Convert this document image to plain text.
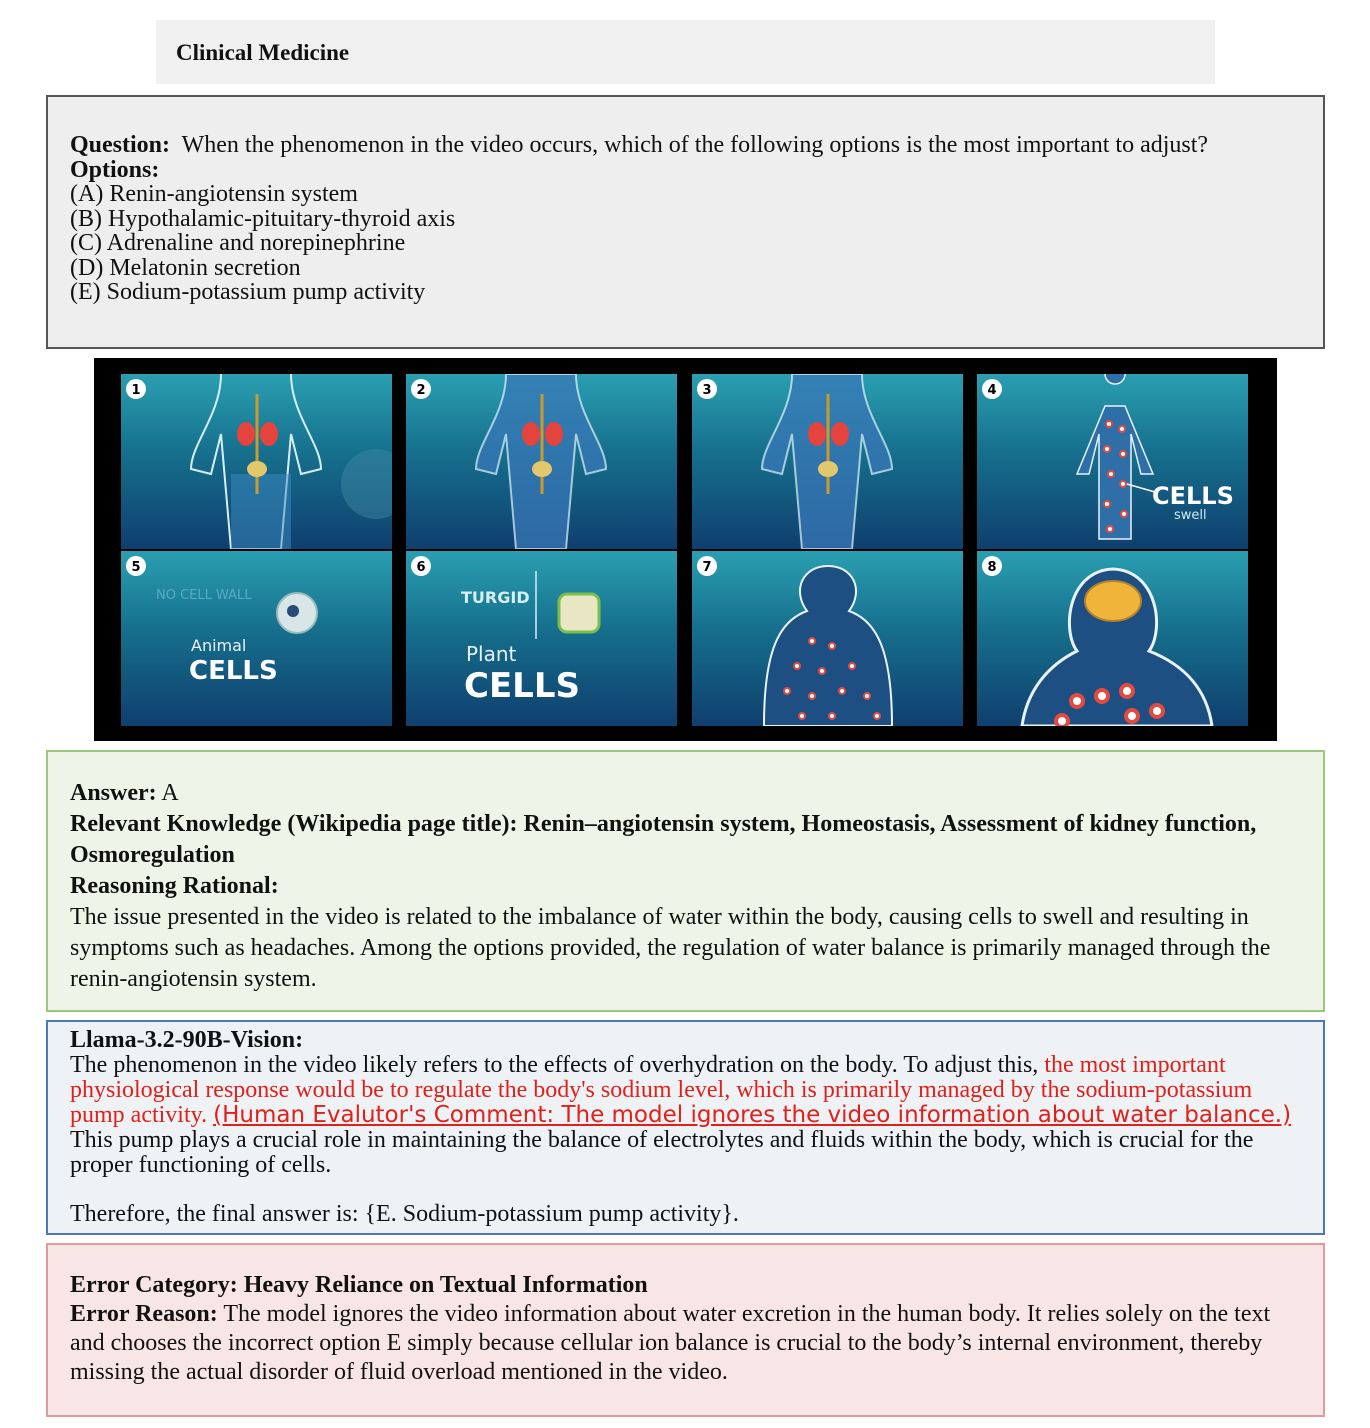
Clinical Medicine

Question: When the phenomenon in the video occurs, which of the following options is the most important to adjust?

Options:

(A) Renin-angiotensin system

(B) Hypothalamic-pituitary-thyroid axis

(C) Adrenaline and norepinephrine

(D) Melatonin secretion

(E) Sodium-potassium pump activity

1	2	3	4
CELLS
swell
5
NO CELL WALL
Animal
CELLS
6
TURGID
Plant
CELLS
7	8

Answer: A

Relevant Knowledge (Wikipedia page title): Renin–angiotensin system, Homeostasis, Assessment of kidney function, Osmoregulation

Reasoning Rational:

The issue presented in the video is related to the imbalance of water within the body, causing cells to swell and resulting in symptoms such as headaches. Among the options provided, the regulation of water balance is primarily managed through the renin-angiotensin system.

Llama-3.2-90B-Vision:

The phenomenon in the video likely refers to the effects of overhydration on the body. To adjust this, the most important physiological response would be to regulate the body's sodium level, which is primarily managed by the sodium-potassium pump activity. (Human Evalutor's Comment: The model ignores the video information about water balance.) This pump plays a crucial role in maintaining the balance of electrolytes and fluids within the body, which is crucial for the proper functioning of cells.

Therefore, the final answer is: {E. Sodium-potassium pump activity}.

Error Category: Heavy Reliance on Textual Information

Error Reason: The model ignores the video information about water excretion in the human body. It relies solely on the text and chooses the incorrect option E simply because cellular ion balance is crucial to the body’s internal environment, thereby missing the actual disorder of fluid overload mentioned in the video.
